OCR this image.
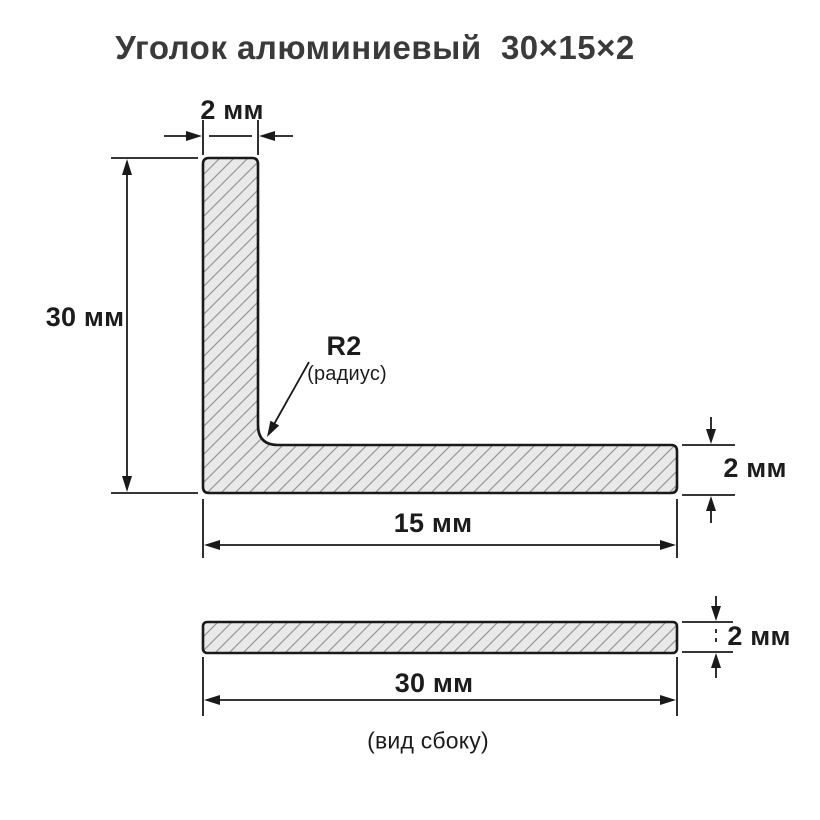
Уголок алюминиевый  30×15×2
2 мм
30 мм
R2
(радиус)
2 мм
15 мм
2 мм
30 мм
(вид сбоку)
